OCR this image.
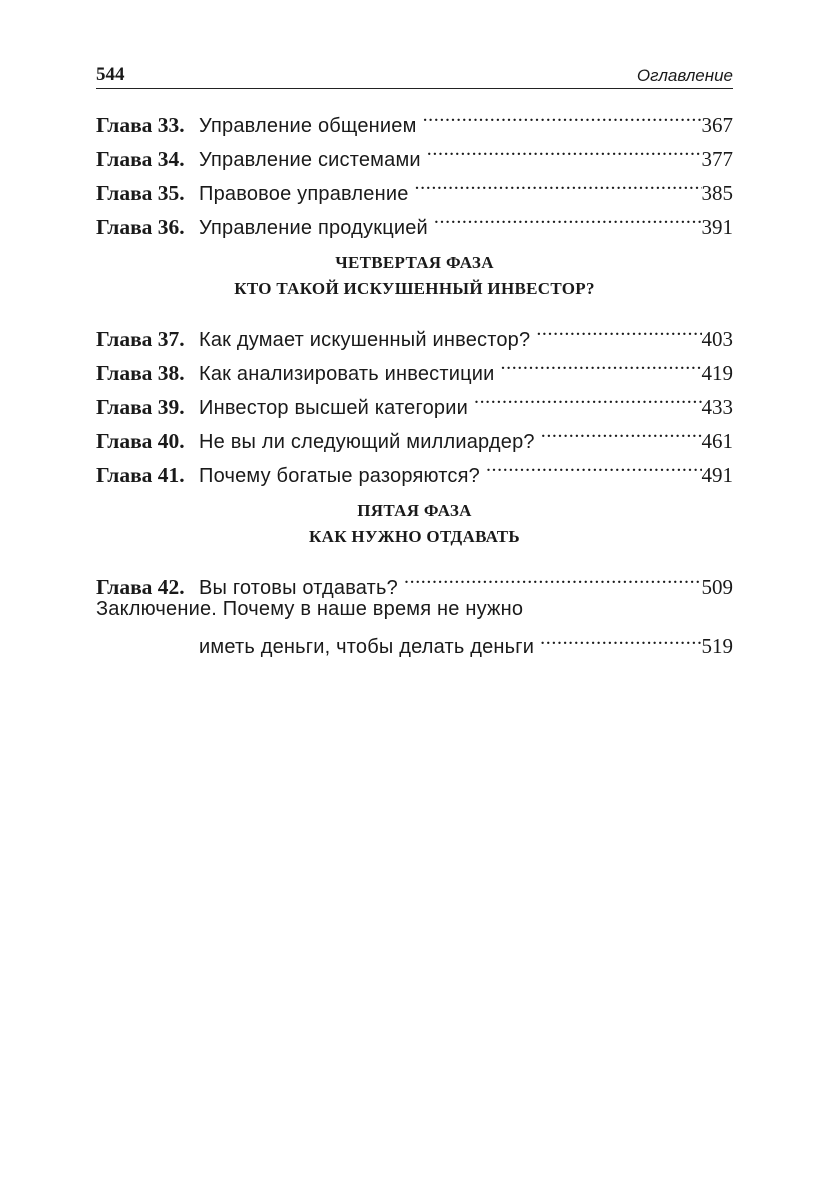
544	Оглавление
Глава 33. Управление общением .....	367
Глава 34. Управление системами .....	377
Глава 35. Правовое управление .....	385
Глава 36. Управление продукцией .....	391
ЧЕТВЕРТАЯ ФАЗА
КТО ТАКОЙ ИСКУШЕННЫЙ ИНВЕСТОР?
Глава 37. Как думает искушенный инвестор? .....	403
Глава 38. Как анализировать инвестиции .....	419
Глава 39. Инвестор высшей категории .....	433
Глава 40. Не вы ли следующий миллиардер? .....	461
Глава 41. Почему богатые разоряются? .....	491
ПЯТАЯ ФАЗА
КАК НУЖНО ОТДАВАТЬ
Глава 42. Вы готовы отдавать? .....	509
Заключение. Почему в наше время не нужно
иметь деньги, чтобы делать деньги .....	519
